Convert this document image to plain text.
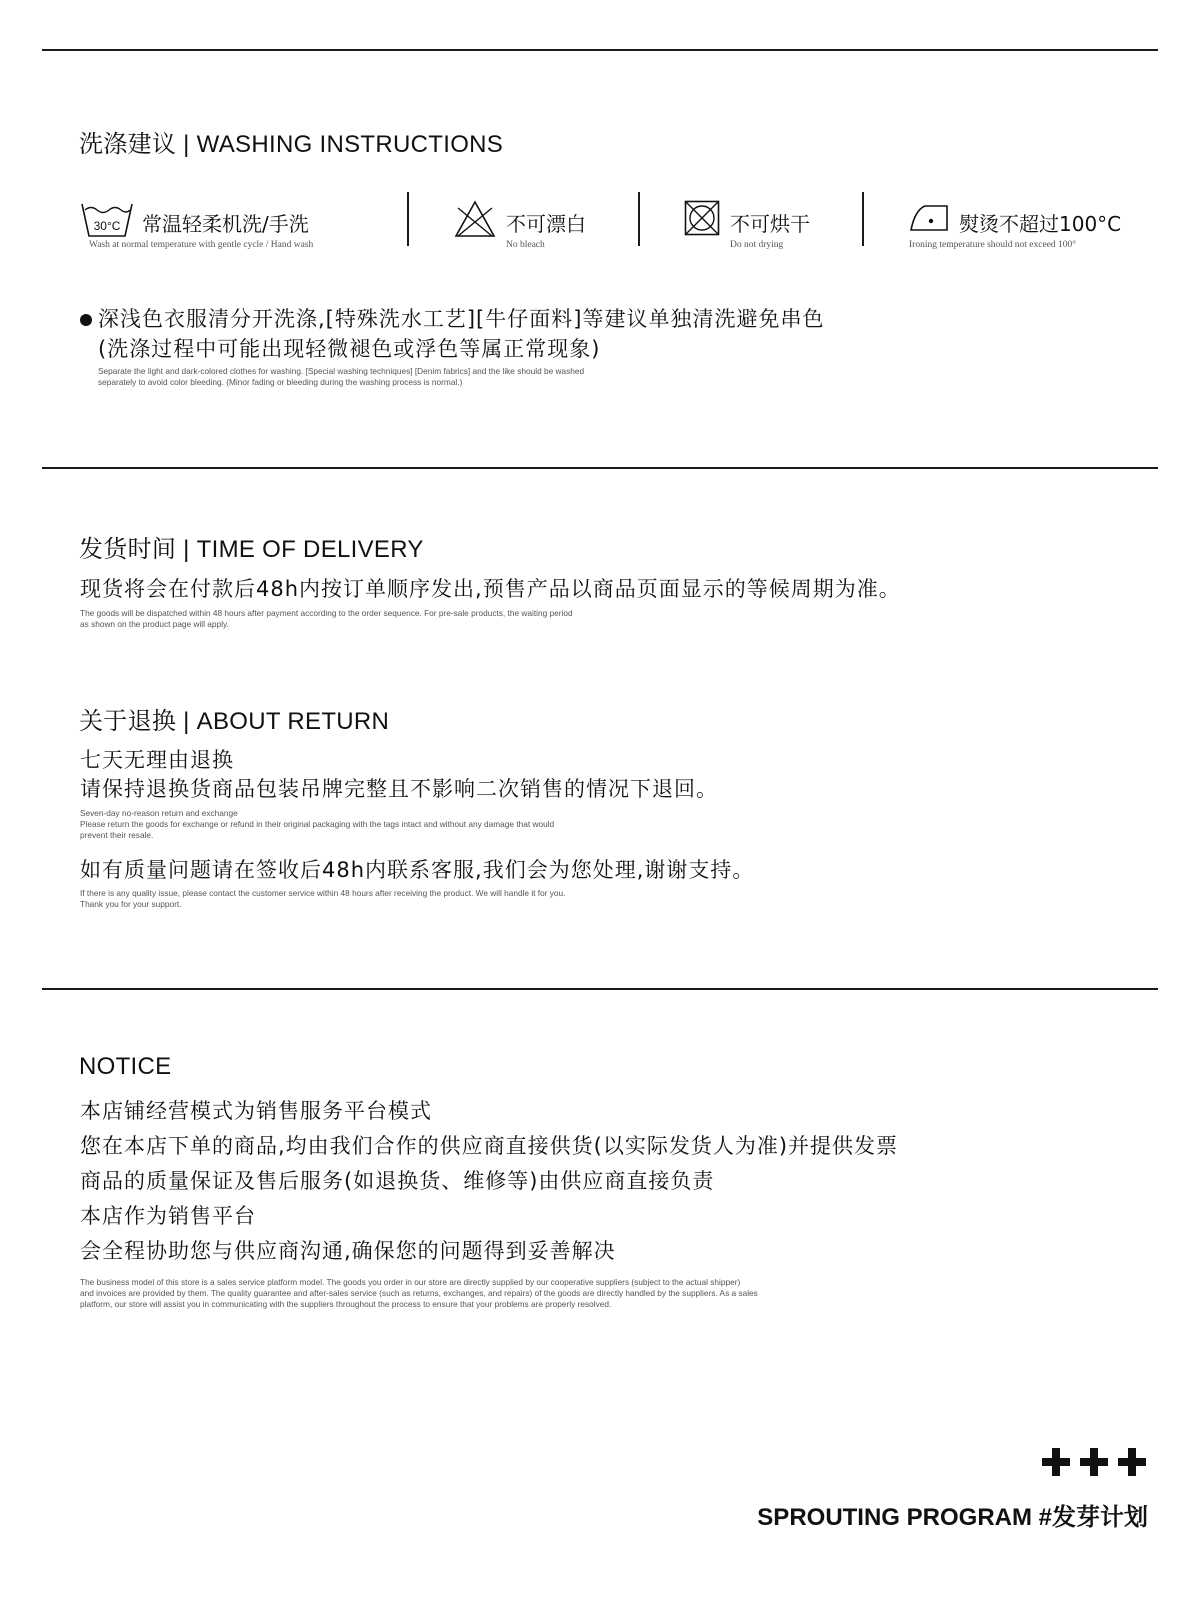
洗涤建议 | WASHING INSTRUCTIONS
30°C 常温轻柔机洗/手洗
Wash at normal temperature with gentle cycle / Hand wash
不可漂白
No bleach
不可烘干
Do not drying
熨烫不超过100°C
Ironing temperature should not exceed 100°
深浅色衣服清分开洗涤,[特殊洗水工艺][牛仔面料]等建议单独清洗避免串色
(洗涤过程中可能出现轻微褪色或浮色等属正常现象)
Separate the light and dark-colored clothes for washing. [Special washing techniques] [Denim fabrics] and the like should be washed
separately to avoid color bleeding. (Minor fading or bleeding during the washing process is normal.)
发货时间 | TIME OF DELIVERY
现货将会在付款后48h内按订单顺序发出,预售产品以商品页面显示的等候周期为准。
The goods will be dispatched within 48 hours after payment according to the order sequence. For pre-sale products, the waiting period
as shown on the product page will apply.
关于退换 | ABOUT RETURN
七天无理由退换
请保持退换货商品包装吊牌完整且不影响二次销售的情况下退回。
Seven-day no-reason return and exchange
Please return the goods for exchange or refund in their original packaging with the tags intact and without any damage that would
prevent their resale.
如有质量问题请在签收后48h内联系客服,我们会为您处理,谢谢支持。
If there is any quality issue, please contact the customer service within 48 hours after receiving the product. We will handle it for you.
Thank you for your support.
NOTICE
本店铺经营模式为销售服务平台模式
您在本店下单的商品,均由我们合作的供应商直接供货(以实际发货人为准)并提供发票
商品的质量保证及售后服务(如退换货、维修等)由供应商直接负责
本店作为销售平台
会全程协助您与供应商沟通,确保您的问题得到妥善解决
The business model of this store is a sales service platform model. The goods you order in our store are directly supplied by our cooperative suppliers (subject to the actual shipper)
and invoices are provided by them. The quality guarantee and after-sales service (such as returns, exchanges, and repairs) of the goods are directly handled by the suppliers. As a sales
platform, our store will assist you in communicating with the suppliers throughout the process to ensure that your problems are properly resolved.
SPROUTING PROGRAM #发芽计划
